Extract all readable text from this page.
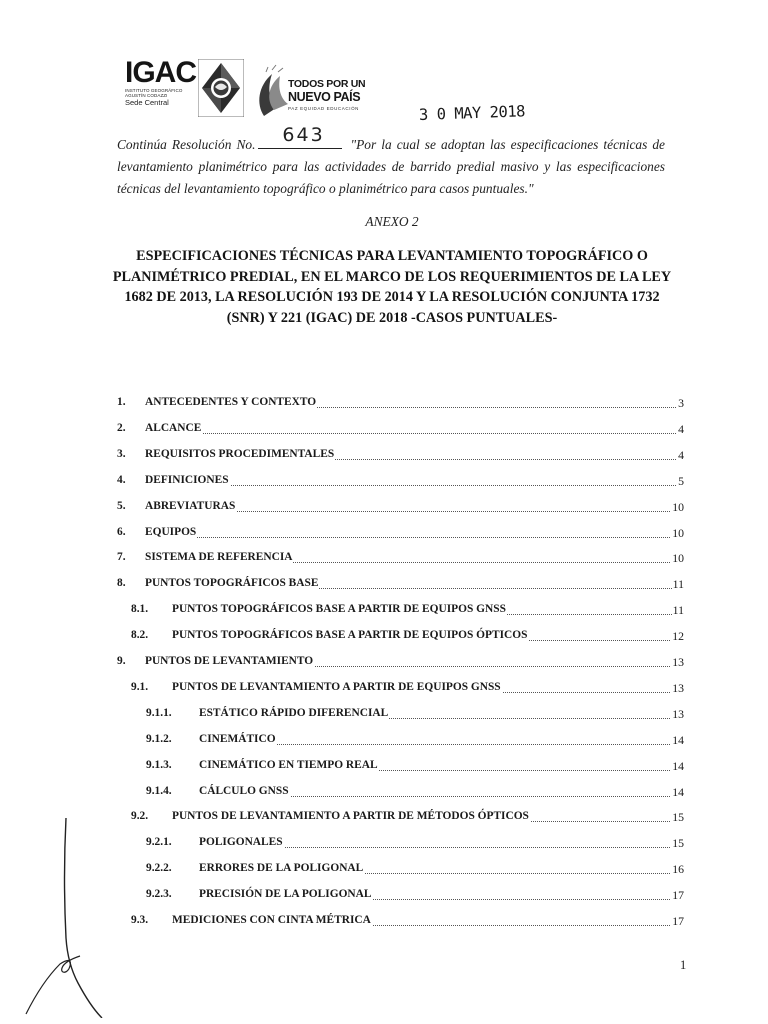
IGAC
INSTITUTO GEOGRÁFICO AGUSTÍN CODAZZI
Sede Central
TODOS POR UN
NUEVO PAÍS
PAZ EQUIDAD EDUCACIÓN	3 0 MAY 2018
Continúa Resolución No. 643 "Por la cual se adoptan las especificaciones técnicas de levantamiento planimétrico para las actividades de barrido predial masivo y las especificaciones técnicas del levantamiento topográfico o planimétrico para casos puntuales."
ANEXO 2
ESPECIFICACIONES TÉCNICAS PARA LEVANTAMIENTO TOPOGRÁFICO O PLANIMÉTRICO PREDIAL, EN EL MARCO DE LOS REQUERIMIENTOS DE LA LEY 1682 DE 2013, LA RESOLUCIÓN 193 DE 2014 Y LA RESOLUCIÓN CONJUNTA 1732 (SNR) Y 221 (IGAC) DE 2018 -CASOS PUNTUALES-
1. ANTECEDENTES Y CONTEXTO	3
2. ALCANCE	4
3. REQUISITOS PROCEDIMENTALES	4
4. DEFINICIONES	5
5. ABREVIATURAS	10
6. EQUIPOS	10
7. SISTEMA DE REFERENCIA	10
8. PUNTOS TOPOGRÁFICOS BASE	11
8.1. PUNTOS TOPOGRÁFICOS BASE A PARTIR DE EQUIPOS GNSS	11
8.2. PUNTOS TOPOGRÁFICOS BASE A PARTIR DE EQUIPOS ÓPTICOS	12
9. PUNTOS DE LEVANTAMIENTO	13
9.1. PUNTOS DE LEVANTAMIENTO A PARTIR DE EQUIPOS GNSS	13
9.1.1. ESTÁTICO RÁPIDO DIFERENCIAL	13
9.1.2. CINEMÁTICO	14
9.1.3. CINEMÁTICO EN TIEMPO REAL	14
9.1.4. CÁLCULO GNSS	14
9.2. PUNTOS DE LEVANTAMIENTO A PARTIR DE MÉTODOS ÓPTICOS	15
9.2.1. POLIGONALES	15
9.2.2. ERRORES DE LA POLIGONAL	16
9.2.3. PRECISIÓN DE LA POLIGONAL	17
9.3. MEDICIONES CON CINTA MÉTRICA	17
1
